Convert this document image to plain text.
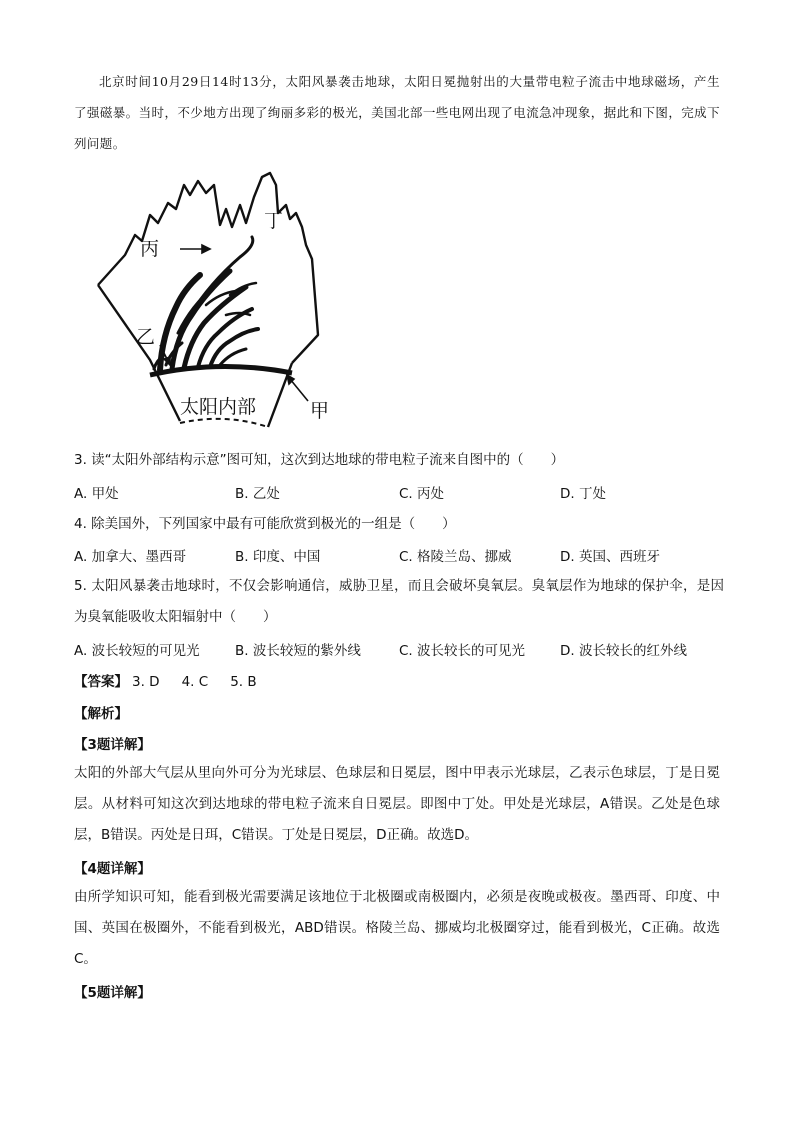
北京时间10月29日14时13分，太阳风暴袭击地球，太阳日冕抛射出的大量带电粒子流击中地球磁场，产生了强磁暴。当时，不少地方出现了绚丽多彩的极光，美国北部一些电网出现了电流急冲现象，据此和下图，完成下列问题。
丁
丙
乙
甲
太阳内部
3. 读“太阳外部结构示意”图可知，这次到达地球的带电粒子流来自图中的（　　）
A. 甲处	B. 乙处	C. 丙处	D. 丁处
4. 除美国外，下列国家中最有可能欣赏到极光的一组是（　　）
A. 加拿大、墨西哥	B. 印度、中国	C. 格陵兰岛、挪威	D. 英国、西班牙
5. 太阳风暴袭击地球时，不仅会影响通信，威胁卫星，而且会破坏臭氧层。臭氧层作为地球的保护伞，是因为臭氧能吸收太阳辐射中（　　）
A. 波长较短的可见光	B. 波长较短的紫外线	C. 波长较长的可见光	D. 波长较长的红外线
【答案】 3. D 4. C 5. B
【解析】
【3题详解】
太阳的外部大气层从里向外可分为光球层、色球层和日冕层，图中甲表示光球层，乙表示色球层，丁是日冕层。从材料可知这次到达地球的带电粒子流来自日冕层。即图中丁处。甲处是光球层，A错误。乙处是色球层，B错误。丙处是日珥，C错误。丁处是日冕层，D正确。故选D。
【4题详解】
由所学知识可知，能看到极光需要满足该地位于北极圈或南极圈内，必须是夜晚或极夜。墨西哥、印度、中国、英国在极圈外，不能看到极光，ABD错误。格陵兰岛、挪威均北极圈穿过，能看到极光，C正确。故选C。
【5题详解】
